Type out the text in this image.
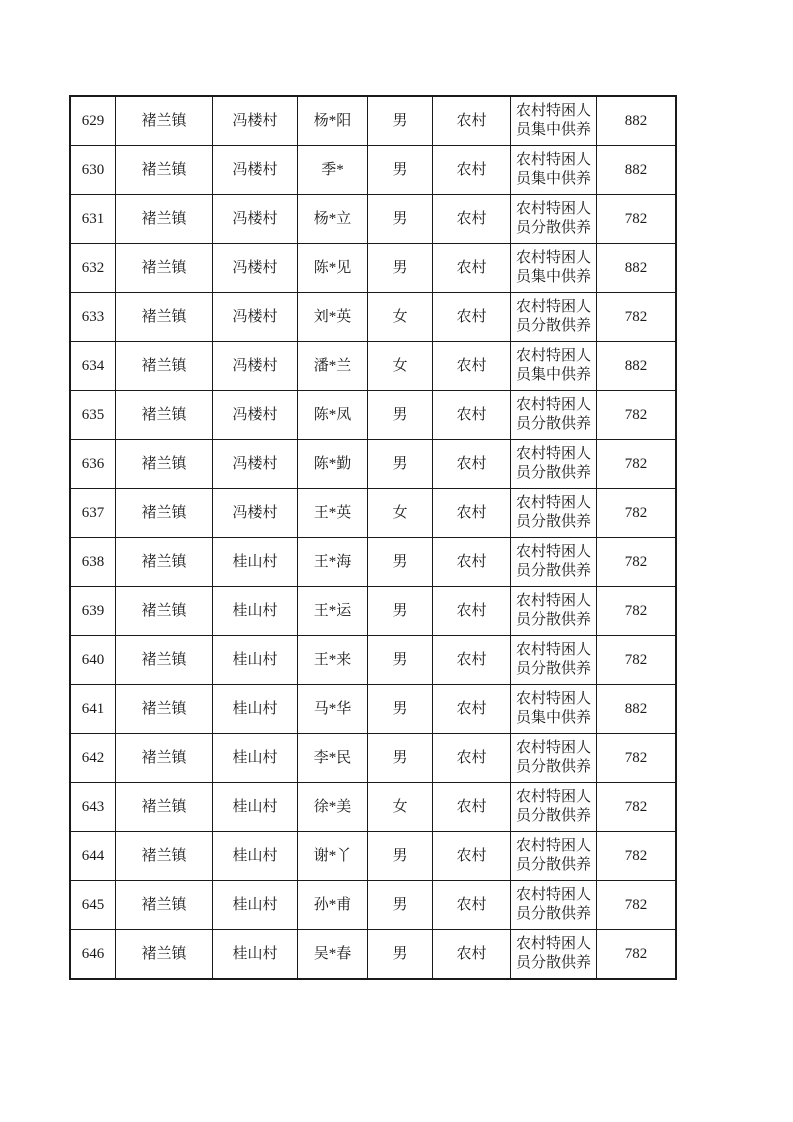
629	褚兰镇	冯楼村	杨*阳	男	农村	农村特困人员集中供养	882
630	褚兰镇	冯楼村	季*	男	农村	农村特困人员集中供养	882
631	褚兰镇	冯楼村	杨*立	男	农村	农村特困人员分散供养	782
632	褚兰镇	冯楼村	陈*见	男	农村	农村特困人员集中供养	882
633	褚兰镇	冯楼村	刘*英	女	农村	农村特困人员分散供养	782
634	褚兰镇	冯楼村	潘*兰	女	农村	农村特困人员集中供养	882
635	褚兰镇	冯楼村	陈*凤	男	农村	农村特困人员分散供养	782
636	褚兰镇	冯楼村	陈*勤	男	农村	农村特困人员分散供养	782
637	褚兰镇	冯楼村	王*英	女	农村	农村特困人员分散供养	782
638	褚兰镇	桂山村	王*海	男	农村	农村特困人员分散供养	782
639	褚兰镇	桂山村	王*运	男	农村	农村特困人员分散供养	782
640	褚兰镇	桂山村	王*来	男	农村	农村特困人员分散供养	782
641	褚兰镇	桂山村	马*华	男	农村	农村特困人员集中供养	882
642	褚兰镇	桂山村	李*民	男	农村	农村特困人员分散供养	782
643	褚兰镇	桂山村	徐*美	女	农村	农村特困人员分散供养	782
644	褚兰镇	桂山村	谢*丫	男	农村	农村特困人员分散供养	782
645	褚兰镇	桂山村	孙*甫	男	农村	农村特困人员分散供养	782
646	褚兰镇	桂山村	吴*春	男	农村	农村特困人员分散供养	782
